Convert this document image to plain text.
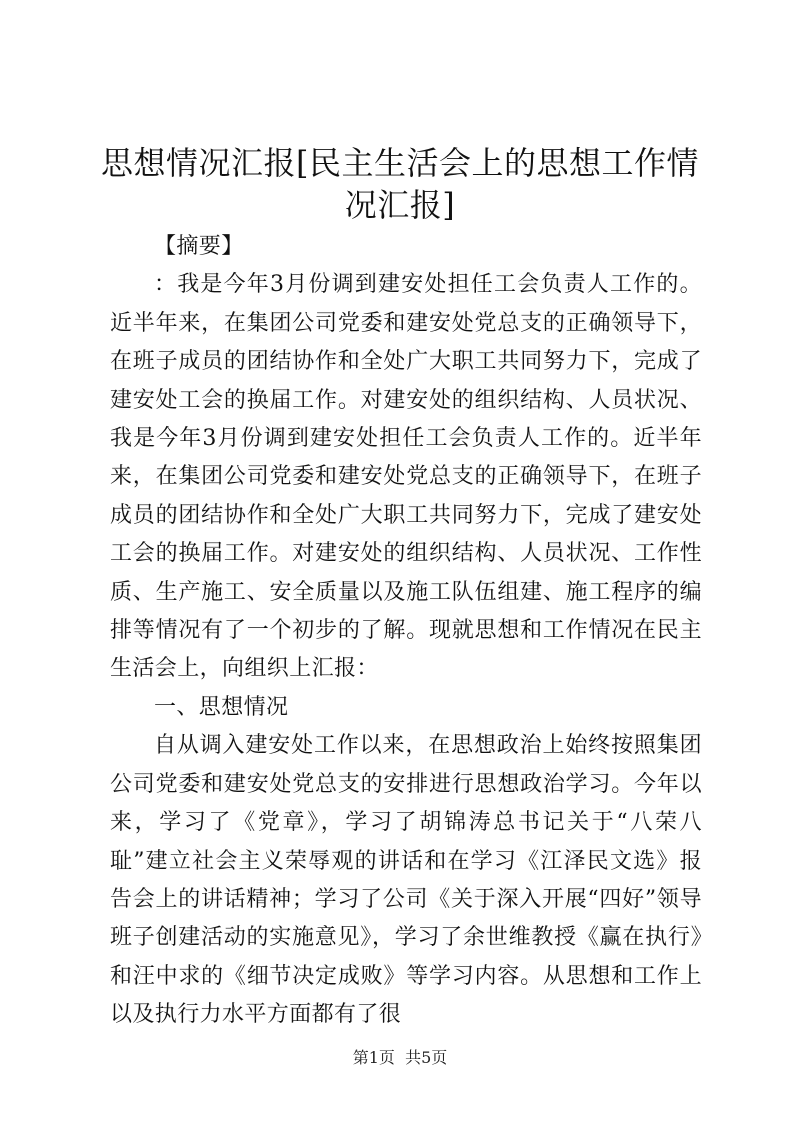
思想情况汇报[民主生活会上的思想工作情况汇报]

【摘要】

：我是今年3月份调到建安处担任工会负责人工作的。近半年来，在集团公司党委和建安处党总支的正确领导下，在班子成员的团结协作和全处广大职工共同努力下，完成了建安处工会的换届工作。对建安处的组织结构、人员状况、我是今年3月份调到建安处担任工会负责人工作的。近半年来，在集团公司党委和建安处党总支的正确领导下，在班子成员的团结协作和全处广大职工共同努力下，完成了建安处工会的换届工作。对建安处的组织结构、人员状况、工作性质、生产施工、安全质量以及施工队伍组建、施工程序的编排等情况有了一个初步的了解。现就思想和工作情况在民主生活会上，向组织上汇报：

一、思想情况

自从调入建安处工作以来，在思想政治上始终按照集团公司党委和建安处党总支的安排进行思想政治学习。今年以来，学习了《党章》，学习了胡锦涛总书记关于“八荣八耻”建立社会主义荣辱观的讲话和在学习《江泽民文选》报告会上的讲话精神；学习了公司《关于深入开展“四好”领导班子创建活动的实施意见》，学习了余世维教授《赢在执行》和汪中求的《细节决定成败》等学习内容。从思想和工作上以及执行力水平方面都有了很

第1页  共5页
